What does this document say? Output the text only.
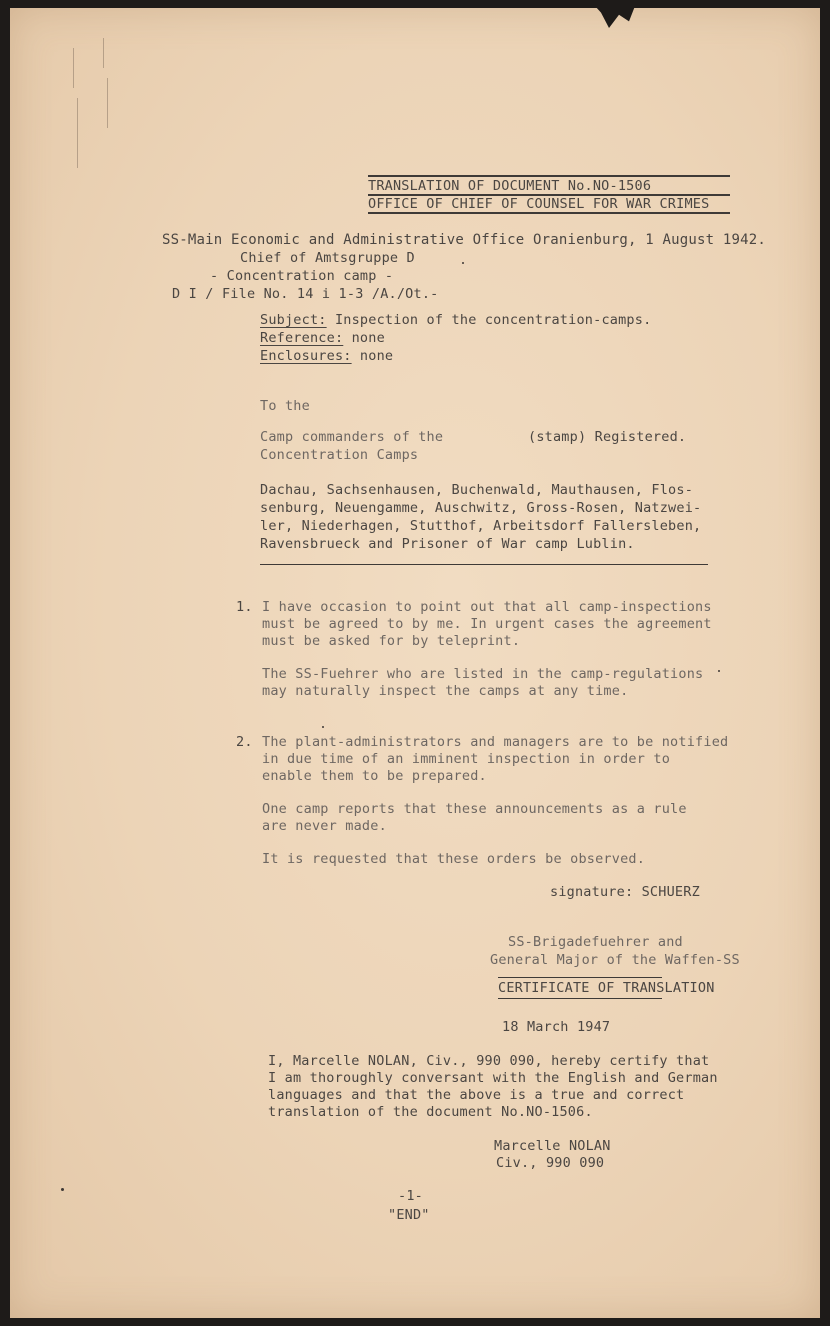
TRANSLATION OF DOCUMENT No.NO-1506
OFFICE OF CHIEF OF COUNSEL FOR WAR CRIMES
SS-Main Economic and Administrative Office Oranienburg, 1 August 1942.
Chief of Amtsgruppe D
- Concentration camp -
D I / File No. 14 i 1-3 /A./Ot.-
Subject: Inspection of the concentration-camps.
Reference: none
Enclosures: none
To the
Camp commanders of the	(stamp) Registered.
Concentration Camps
Dachau, Sachsenhausen, Buchenwald, Mauthausen, Flos-
senburg, Neuengamme, Auschwitz, Gross-Rosen, Natzwei-
ler, Niederhagen, Stutthof, Arbeitsdorf Fallersleben,
Ravensbrueck and Prisoner of War camp Lublin.
1. I have occasion to point out that all camp-inspections
must be agreed to by me. In urgent cases the agreement
must be asked for by teleprint.
The SS-Fuehrer who are listed in the camp-regulations
may naturally inspect the camps at any time.
2. The plant-administrators and managers are to be notified
in due time of an imminent inspection in order to
enable them to be prepared.
One camp reports that these announcements as a rule
are never made.
It is requested that these orders be observed.
signature: SCHUERZ
SS-Brigadefuehrer and
General Major of the Waffen-SS
CERTIFICATE OF TRANSLATION
18 March 1947
I, Marcelle NOLAN, Civ., 990 090, hereby certify that
I am thoroughly conversant with the English and German
languages and that the above is a true and correct
translation of the document No.NO-1506.
Marcelle NOLAN
Civ., 990 090
-1-
"END"
